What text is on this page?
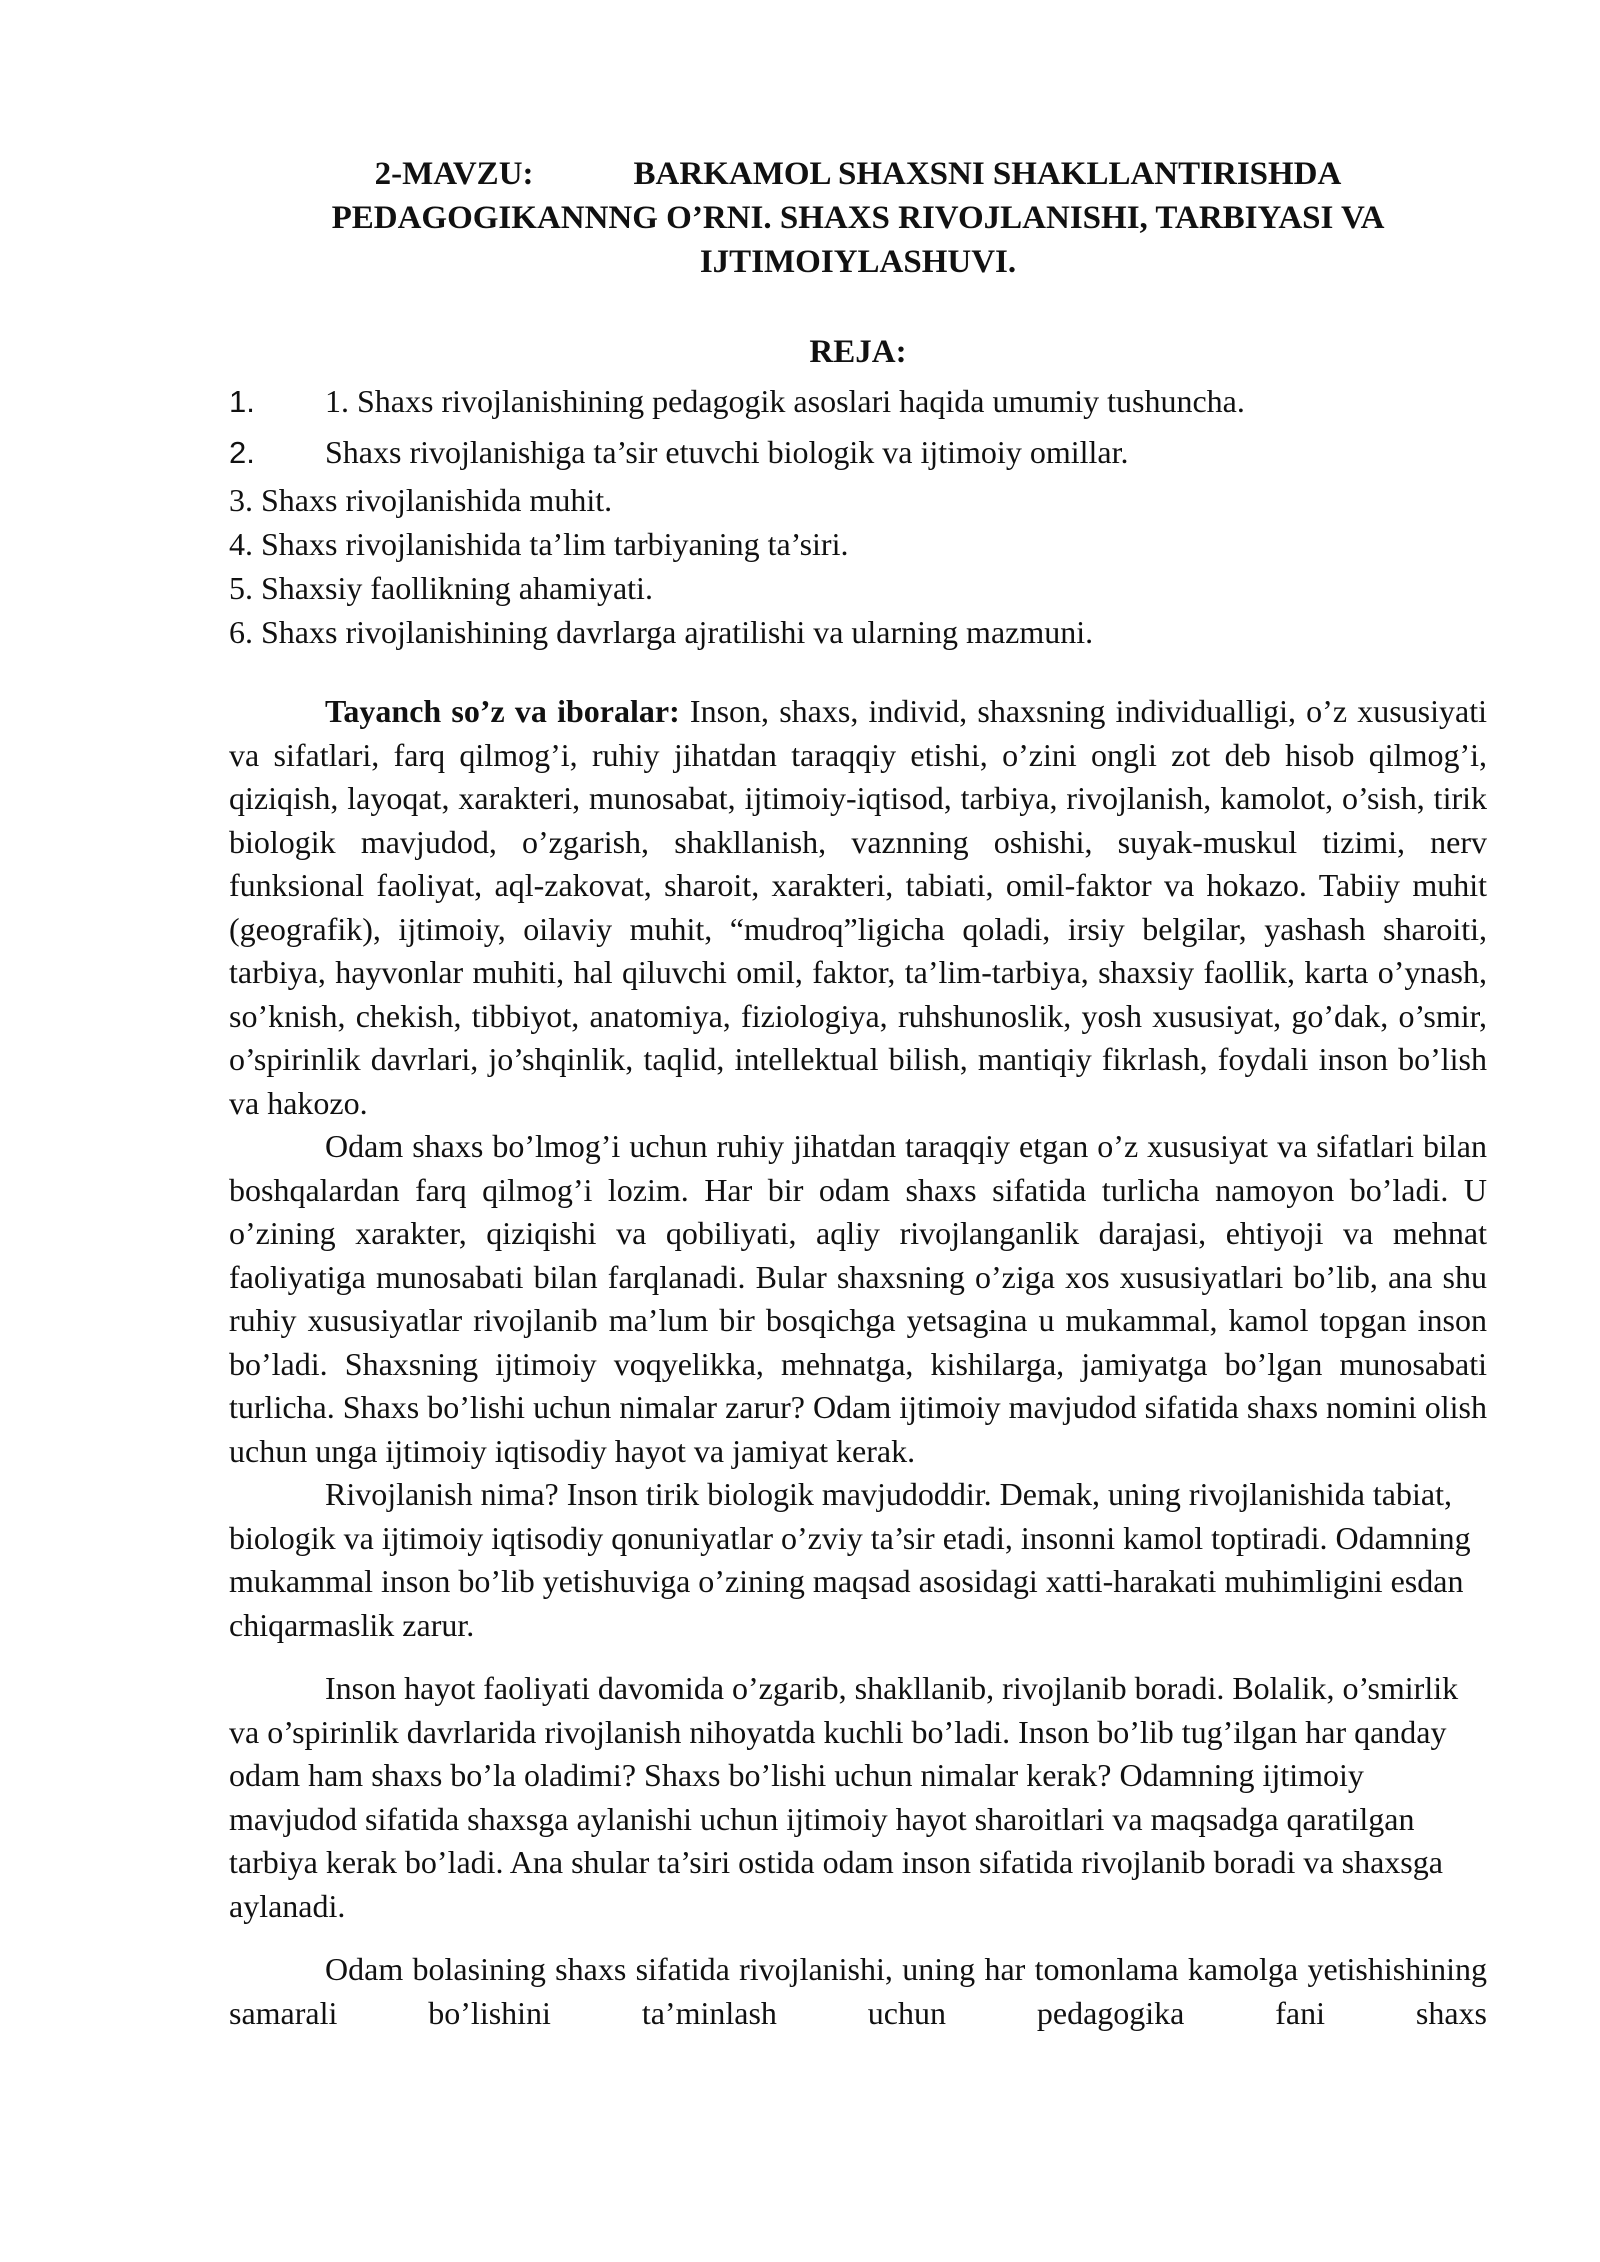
2-MAVZU:	BARKAMOL SHAXSNI SHAKLLANTIRISHDA
PEDAGOGIKANNNG O’RNI. SHAXS RIVOJLANISHI, TARBIYASI VA
IJTIMOIYLASHUVI.
REJA:
1. 1. Shaxs rivojlanishining pedagogik asoslari haqida umumiy tushuncha.
2. Shaxs rivojlanishiga ta’sir etuvchi biologik va ijtimoiy omillar.
3. Shaxs rivojlanishida muhit.
4. Shaxs rivojlanishida ta’lim tarbiyaning ta’siri.
5. Shaxsiy faollikning ahamiyati.
6. Shaxs rivojlanishining davrlarga ajratilishi va ularning mazmuni.

Tayanch so’z va iboralar: Inson, shaxs, individ, shaxsning individualligi, o’z xususiyati va sifatlari, farq qilmog’i, ruhiy jihatdan taraqqiy etishi, o’zini ongli zot deb hisob qilmog’i, qiziqish, layoqat, xarakteri, munosabat, ijtimoiy-iqtisod, tarbiya, rivojlanish, kamolot, o’sish, tirik biologik mavjudod, o’zgarish, shakllanish, vaznning oshishi, suyak-muskul tizimi, nerv funksional faoliyat, aql-zakovat, sharoit, xarakteri, tabiati, omil-faktor va hokazo. Tabiiy muhit (geografik), ijtimoiy, oilaviy muhit, “mudroq”ligicha qoladi, irsiy belgilar, yashash sharoiti, tarbiya, hayvonlar muhiti, hal qiluvchi omil, faktor, ta’lim-tarbiya, shaxsiy faollik, karta o’ynash, so’knish, chekish, tibbiyot, anatomiya, fiziologiya, ruhshunoslik, yosh xususiyat, go’dak, o’smir, o’spirinlik davrlari, jo’shqinlik, taqlid, intellektual bilish, mantiqiy fikrlash, foydali inson bo’lish va hakozo.

Odam shaxs bo’lmog’i uchun ruhiy jihatdan taraqqiy etgan o’z xususiyat va sifatlari bilan boshqalardan farq qilmog’i lozim. Har bir odam shaxs sifatida turlicha namoyon bo’ladi. U o’zining xarakter, qiziqishi va qobiliyati, aqliy rivojlanganlik darajasi, ehtiyoji va mehnat faoliyatiga munosabati bilan farqlanadi. Bular shaxsning o’ziga xos xususiyatlari bo’lib, ana shu ruhiy xususiyatlar rivojlanib ma’lum bir bosqichga yetsagina u mukammal, kamol topgan inson bo’ladi. Shaxsning ijtimoiy voqyelikka, mehnatga, kishilarga, jamiyatga bo’lgan munosabati turlicha. Shaxs bo’lishi uchun nimalar zarur? Odam ijtimoiy mavjudod sifatida shaxs nomini olish uchun unga ijtimoiy iqtisodiy hayot va jamiyat kerak.

Rivojlanish nima? Inson tirik biologik mavjudoddir. Demak, uning rivojlanishida tabiat, biologik va ijtimoiy iqtisodiy qonuniyatlar o’zviy ta’sir etadi, insonni kamol toptiradi. Odamning mukammal inson bo’lib yetishuviga o’zining maqsad asosidagi xatti-harakati muhimligini esdan chiqarmaslik zarur.

Inson hayot faoliyati davomida o’zgarib, shakllanib, rivojlanib boradi. Bolalik, o’smirlik va o’spirinlik davrlarida rivojlanish nihoyatda kuchli bo’ladi. Inson bo’lib tug’ilgan har qanday odam ham shaxs bo’la oladimi? Shaxs bo’lishi uchun nimalar kerak? Odamning ijtimoiy mavjudod sifatida shaxsga aylanishi uchun ijtimoiy hayot sharoitlari va maqsadga qaratilgan tarbiya kerak bo’ladi. Ana shular ta’siri ostida odam inson sifatida rivojlanib boradi va shaxsga aylanadi.

Odam bolasining shaxs sifatida rivojlanishi, uning har tomonlama kamolga yetishishining samarali bo’lishini ta’minlash uchun pedagogika fani shaxs
